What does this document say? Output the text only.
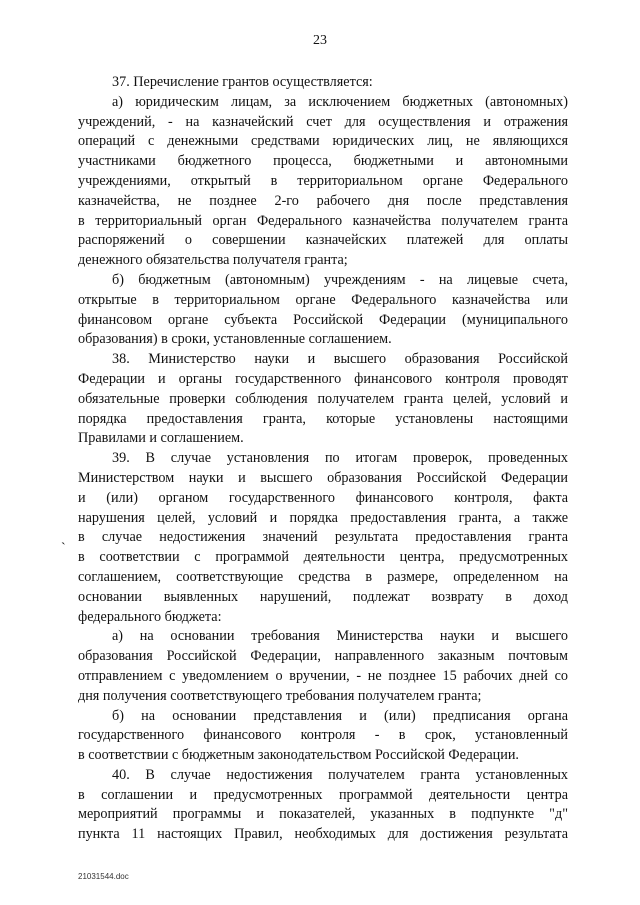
23
`
37. Перечисление грантов осуществляется:
а) юридическим лицам, за исключением бюджетных (автономных)
учреждений, - на казначейский счет для осуществления и отражения
операций с денежными средствами юридических лиц, не являющихся
участниками бюджетного процесса, бюджетными и автономными
учреждениями, открытый в территориальном органе Федерального
казначейства, не позднее 2-го рабочего дня после представления
в территориальный орган Федерального казначейства получателем гранта
распоряжений о совершении казначейских платежей для оплаты
денежного обязательства получателя гранта;
б) бюджетным (автономным) учреждениям - на лицевые счета,
открытые в территориальном органе Федерального казначейства или
финансовом органе субъекта Российской Федерации (муниципального
образования) в сроки, установленные соглашением.
38. Министерство науки и высшего образования Российской
Федерации и органы государственного финансового контроля проводят
обязательные проверки соблюдения получателем гранта целей, условий и
порядка предоставления гранта, которые установлены настоящими
Правилами и соглашением.
39. В случае установления по итогам проверок, проведенных
Министерством науки и высшего образования Российской Федерации
и (или) органом государственного финансового контроля, факта
нарушения целей, условий и порядка предоставления гранта, а также
в случае недостижения значений результата предоставления гранта
в соответствии с программой деятельности центра, предусмотренных
соглашением, соответствующие средства в размере, определенном на
основании выявленных нарушений, подлежат возврату в доход
федерального бюджета:
а) на основании требования Министерства науки и высшего
образования Российской Федерации, направленного заказным почтовым
отправлением с уведомлением о вручении, - не позднее 15 рабочих дней со
дня получения соответствующего требования получателем гранта;
б) на основании представления и (или) предписания органа
государственного финансового контроля - в срок, установленный
в соответствии с бюджетным законодательством Российской Федерации.
40. В случае недостижения получателем гранта установленных
в соглашении и предусмотренных программой деятельности центра
мероприятий программы и показателей, указанных в подпункте "д"
пункта 11 настоящих Правил, необходимых для достижения результата
21031544.doc
